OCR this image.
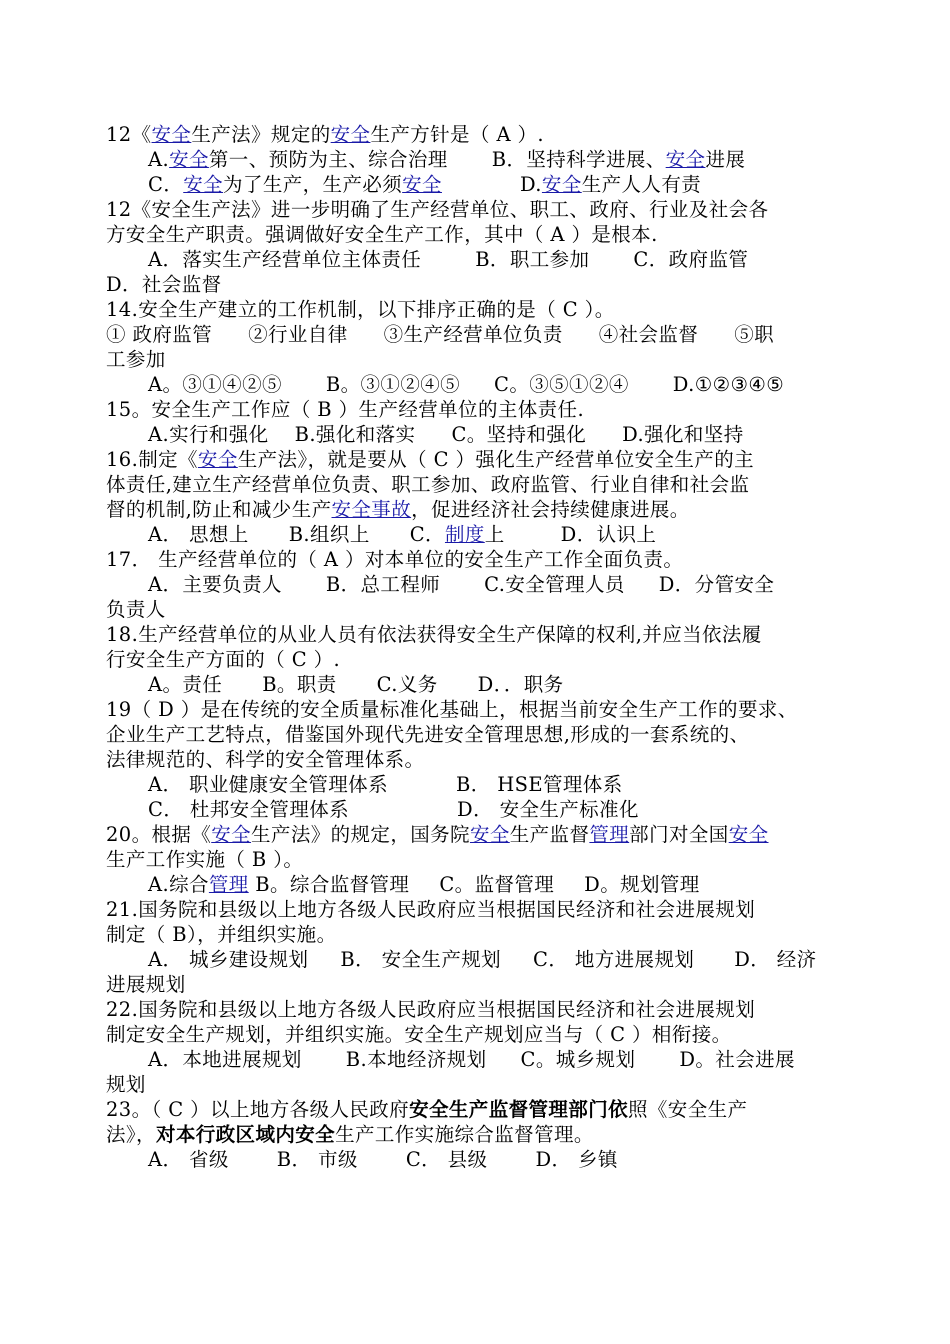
12《安全生产法》规定的安全生产方针是（ A ）.
A.安全第一、预防为主、综合治理 B．坚持科学进展、安全进展
C．安全为了生产，生产必须安全	D.安全生产人人有责
12《安全生产法》进一步明确了生产经营单位、职工、政府、行业及社会各
方安全生产职责。强调做好安全生产工作，其中（ A ）是根本.
A．落实生产经营单位主体责任	B．职工参加 C．政府监管
D．社会监督
14.安全生产建立的工作机制，以下排序正确的是（ C ）。
① 政府监管 ②行业自律 ③生产经营单位负责 ④社会监督 ⑤职
工参加
A。③①④②⑤ B。③①②④⑤ C。③⑤①②④ D.①②③④⑤
15。安全生产工作应（ B ）生产经营单位的主体责任.
A.实行和强化 B.强化和落实 C。坚持和强化 D.强化和坚持
16.制定《安全生产法》，就是要从（ C ）强化生产经营单位安全生产的主
体责任,建立生产经营单位负责、职工参加、政府监管、行业自律和社会监
督的机制,防止和减少生产安全事故，促进经济社会持续健康进展。
A． 思想上 B.组织上 C．制度上	D．认识上
17． 生产经营单位的（ A ）对本单位的安全生产工作全面负责。
A．主要负责人 B．总工程师 C.安全管理人员 D．分管安全
负责人
18.生产经营单位的从业人员有依法获得安全生产保障的权利,并应当依法履
行安全生产方面的（ C ）.
A。责任 B。职责 C.义务 D．．职务
19（ D ）是在传统的安全质量标准化基础上，根据当前安全生产工作的要求、
企业生产工艺特点，借鉴国外现代先进安全管理思想,形成的一套系统的、
法律规范的、科学的安全管理体系。
A． 职业健康安全管理体系	B． HSE管理体系
C． 杜邦安全管理体系	D． 安全生产标准化
20。根据《安全生产法》的规定，国务院安全生产监督管理部门对全国安全
生产工作实施（ B ）。
A.综合管理 B。综合监督管理 C。监督管理 D。规划管理
21.国务院和县级以上地方各级人民政府应当根据国民经济和社会进展规划
制定（ B），并组织实施。
A． 城乡建设规划 B． 安全生产规划 C． 地方进展规划 D． 经济
进展规划
22.国务院和县级以上地方各级人民政府应当根据国民经济和社会进展规划
制定安全生产规划，并组织实施。安全生产规划应当与（ C ）相衔接。
A．本地进展规划 B.本地经济规划 C。城乡规划 D。社会进展
规划
23。（ C ）以上地方各级人民政府安全生产监督管理部门依照《安全生产
法》，对本行政区域内安全生产工作实施综合监督管理。
A． 省级 B． 市级 C． 县级 D． 乡镇
